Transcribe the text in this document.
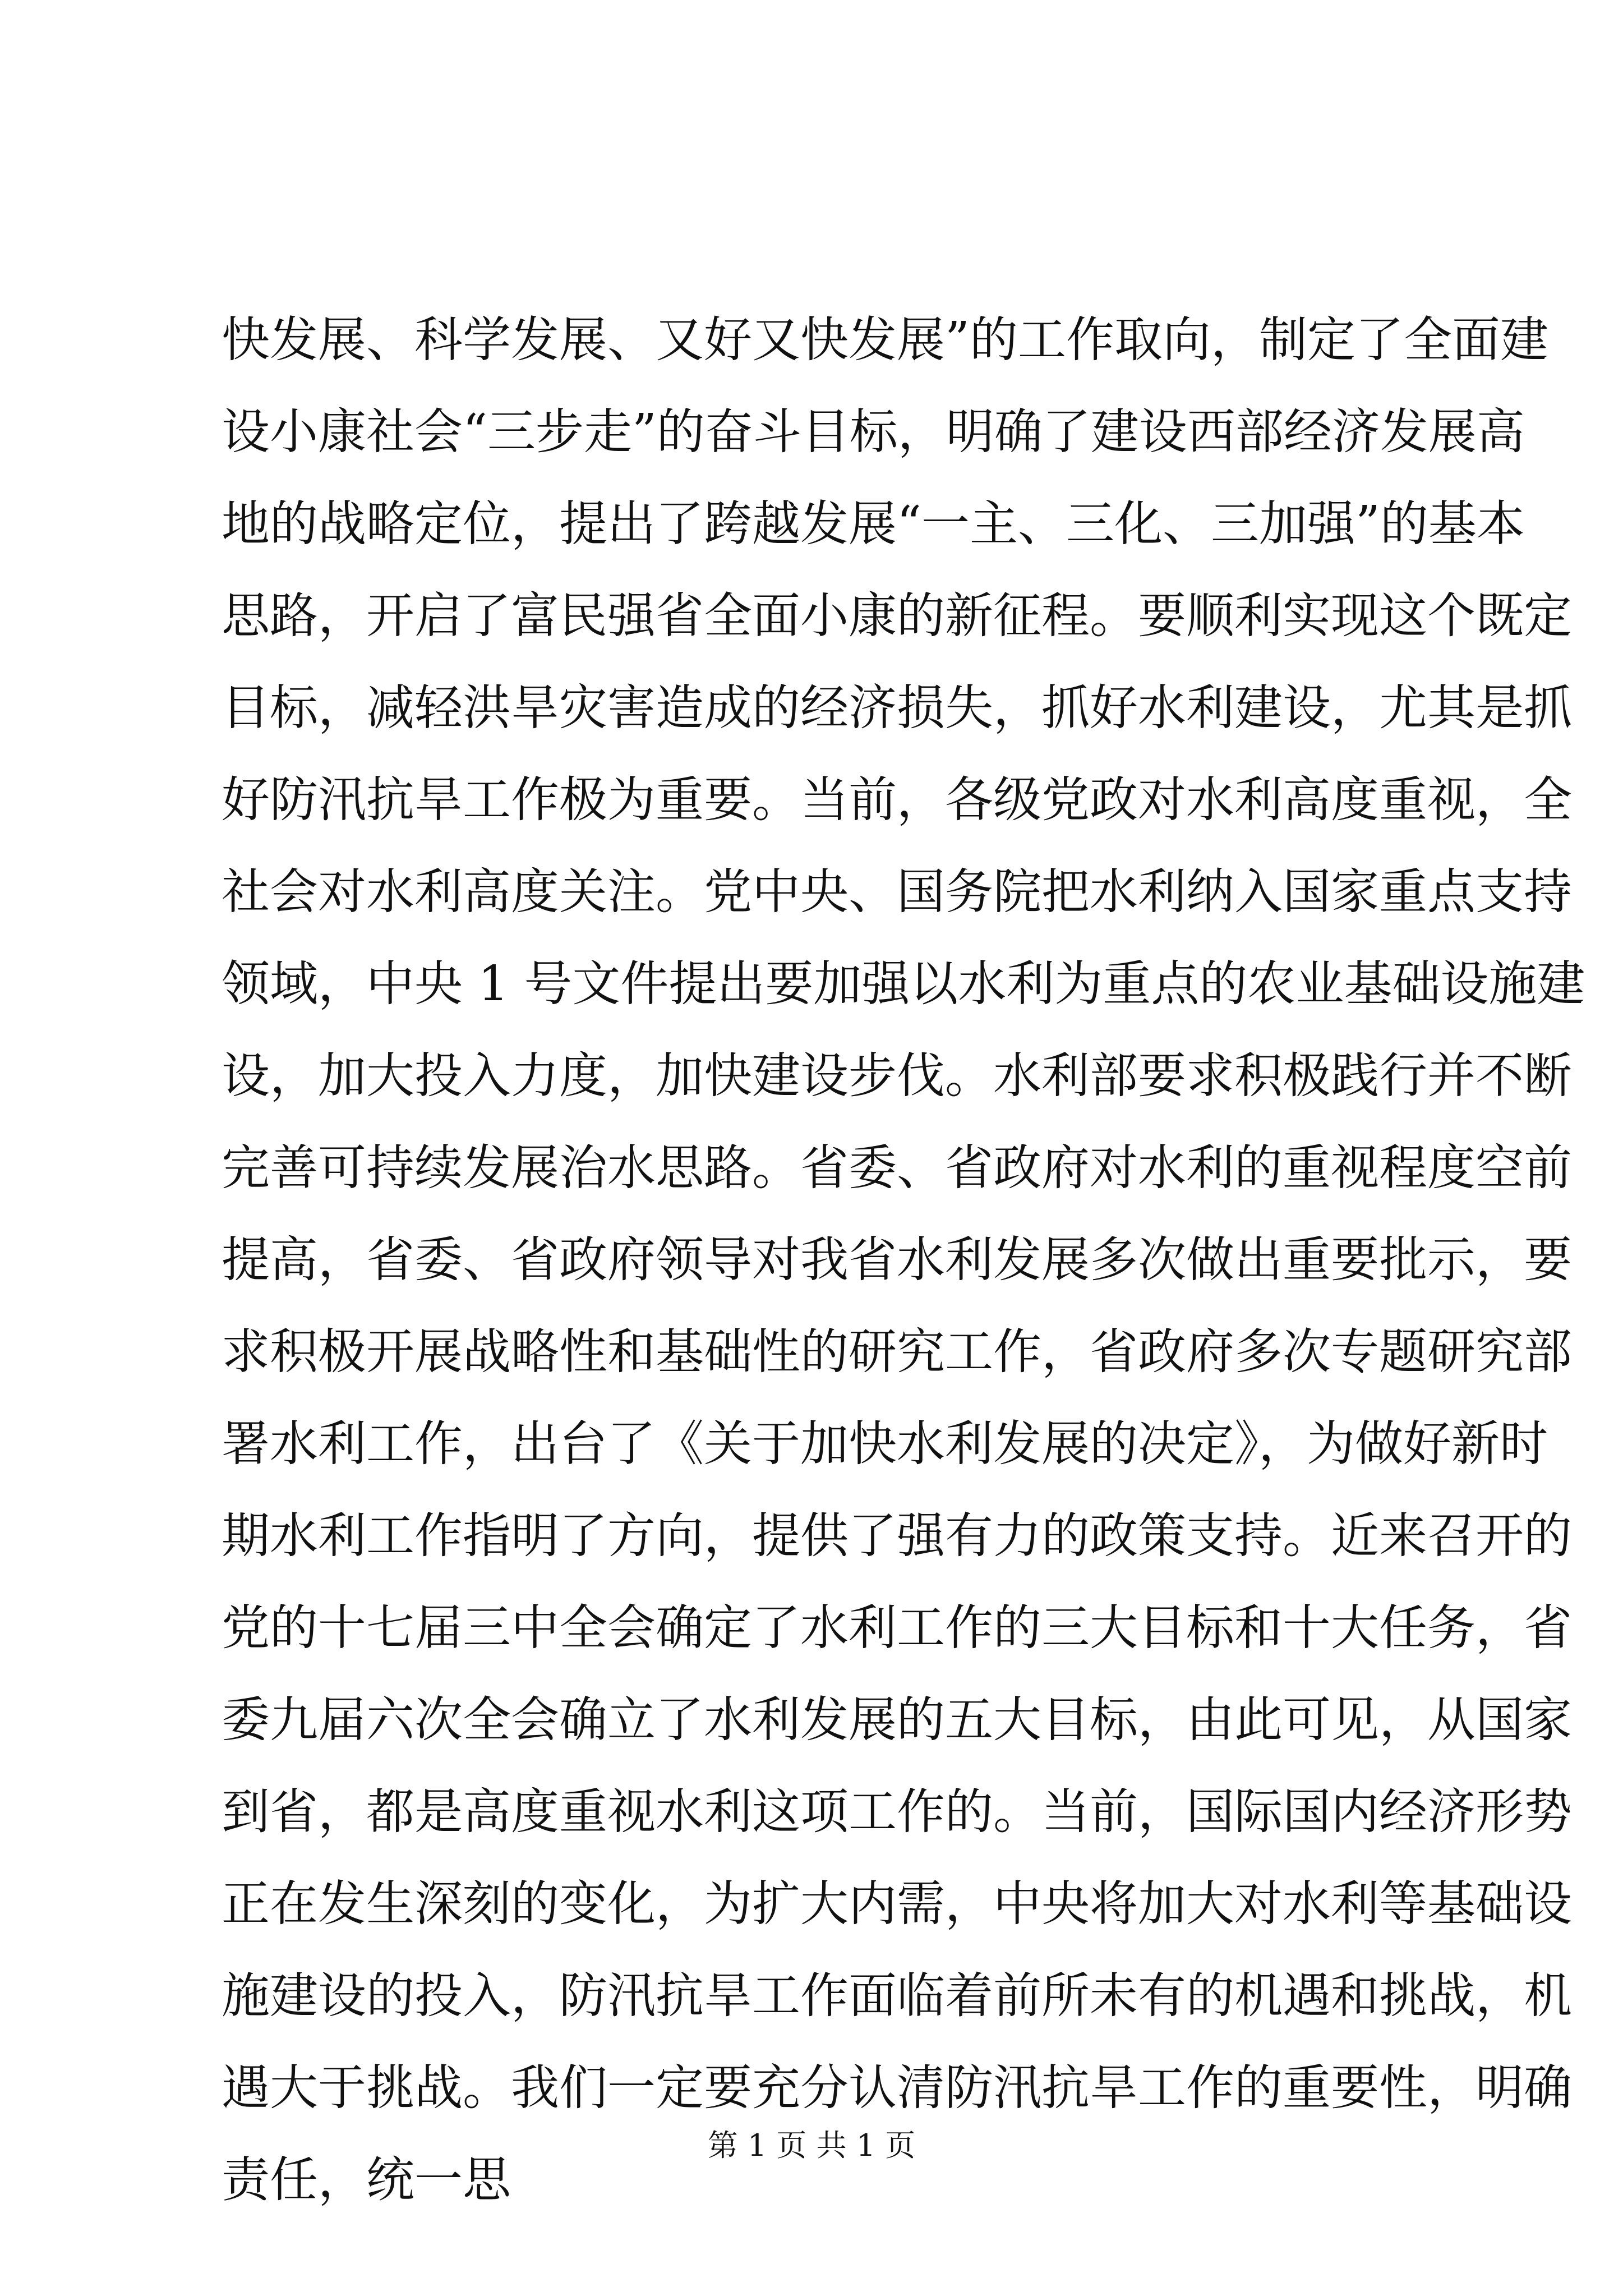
快发展、科学发展、又好又快发展”的工作取向，制定了全面建
设小康社会“三步走”的奋斗目标，明确了建设西部经济发展高
地的战略定位，提出了跨越发展“一主、三化、三加强”的基本
思路，开启了富民强省全面小康的新征程。要顺利实现这个既定
目标，减轻洪旱灾害造成的经济损失，抓好水利建设，尤其是抓
好防汛抗旱工作极为重要。当前，各级党政对水利高度重视，全
社会对水利高度关注。党中央、国务院把水利纳入国家重点支持
领域，中央 1 号文件提出要加强以水利为重点的农业基础设施建
设，加大投入力度，加快建设步伐。水利部要求积极践行并不断
完善可持续发展治水思路。省委、省政府对水利的重视程度空前
提高，省委、省政府领导对我省水利发展多次做出重要批示，要
求积极开展战略性和基础性的研究工作，省政府多次专题研究部
署水利工作，出台了《关于加快水利发展的决定》，为做好新时
期水利工作指明了方向，提供了强有力的政策支持。近来召开的
党的十七届三中全会确定了水利工作的三大目标和十大任务，省
委九届六次全会确立了水利发展的五大目标，由此可见，从国家
到省，都是高度重视水利这项工作的。当前，国际国内经济形势
正在发生深刻的变化，为扩大内需，中央将加大对水利等基础设
施建设的投入，防汛抗旱工作面临着前所未有的机遇和挑战，机
遇大于挑战。我们一定要充分认清防汛抗旱工作的重要性，明确
责任，统一思
第 1 页 共 1 页
